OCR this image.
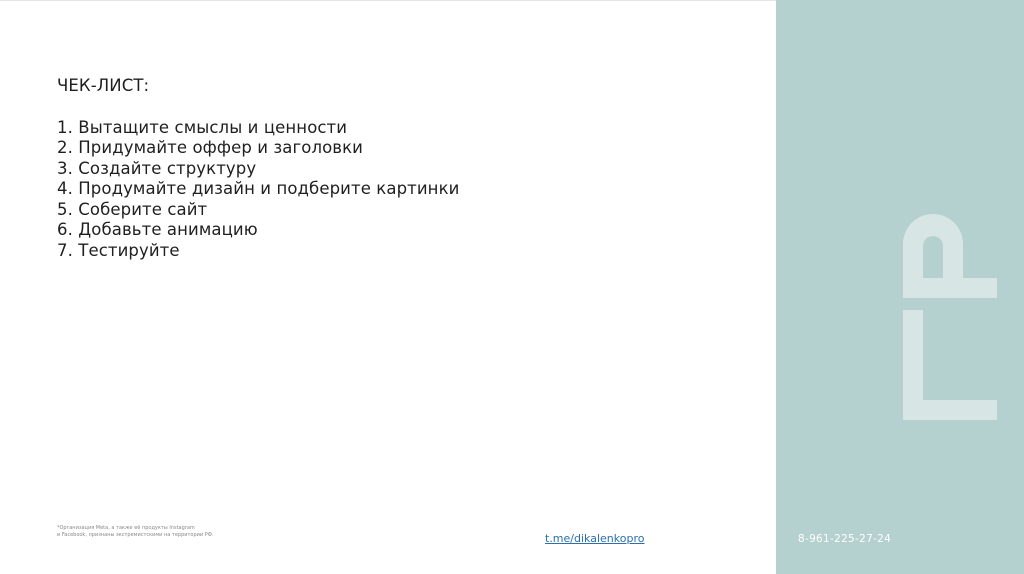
ЧЕК-ЛИСТ:
1. Вытащите смыслы и ценности
2. Придумайте оффер и заголовки
3. Создайте структуру
4. Продумайте дизайн и подберите картинки
5. Соберите сайт
6. Добавьте анимацию
7. Тестируйте
*Организация Meta, а также её продукты Instagram
и Facebook, признаны экстремистскими на территории РФ.	t.me/dikalenkopro	8-961-225-27-24
